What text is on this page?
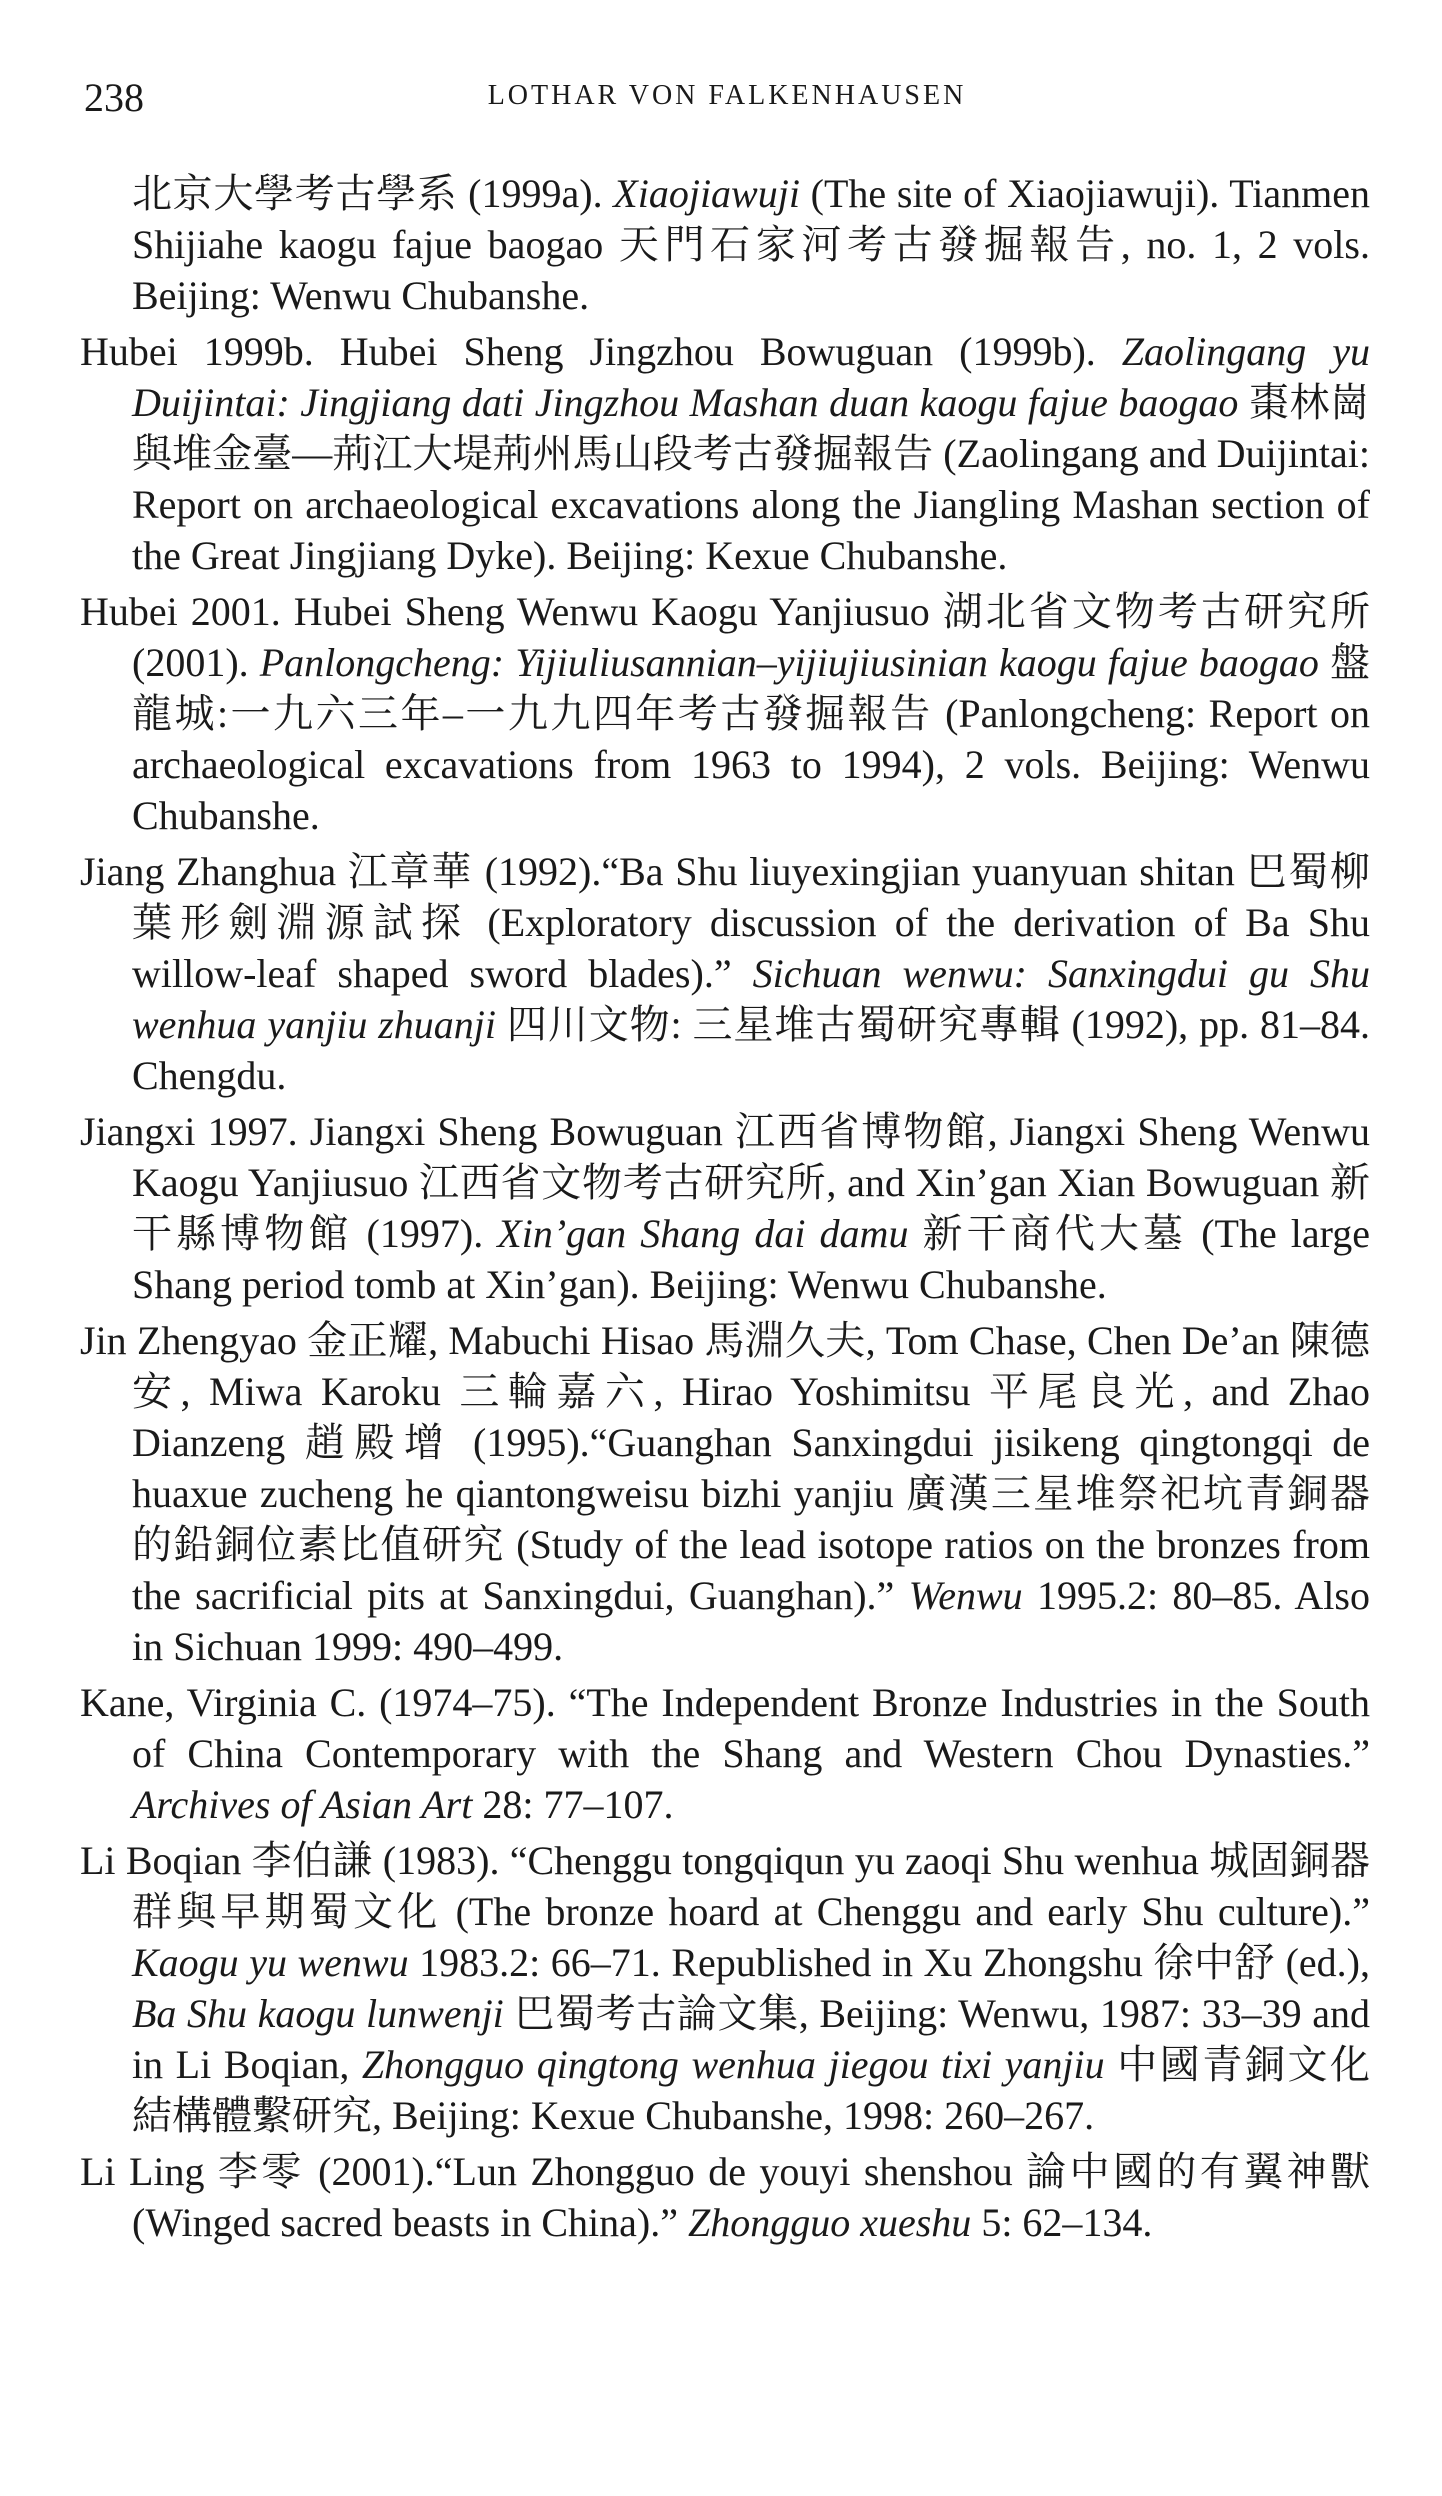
238	LOTHAR VON FALKENHAUSEN

北京大學考古學系 (1999a). Xiaojiawuji (The site of Xiaojiawuji). Tianmen Shijiahe kaogu fajue baogao 天門石家河考古發掘報告, no. 1, 2 vols. Beijing: Wenwu Chubanshe.

Hubei 1999b. Hubei Sheng Jingzhou Bowuguan (1999b). Zaolingang yu Duijintai: Jingjiang dati Jingzhou Mashan duan kaogu fajue baogao 棗林崗與堆金臺—荊江大堤荊州馬山段考古發掘報告 (Zaolingang and Duijintai: Report on archaeological excavations along the Jiangling Mashan section of the Great Jingjiang Dyke). Beijing: Kexue Chubanshe.

Hubei 2001. Hubei Sheng Wenwu Kaogu Yanjiusuo 湖北省文物考古研究所 (2001). Panlongcheng: Yijiuliusannian–yijiujiusinian kaogu fajue baogao 盤龍城:一九六三年–一九九四年考古發掘報告 (Panlongcheng: Report on archaeological excavations from 1963 to 1994), 2 vols. Beijing: Wenwu Chubanshe.

Jiang Zhanghua 江章華 (1992).“Ba Shu liuyexingjian yuanyuan shitan 巴蜀柳葉形劍淵源試探 (Exploratory discussion of the derivation of Ba Shu willow-leaf shaped sword blades).” Sichuan wenwu: Sanxingdui gu Shu wenhua yanjiu zhuanji 四川文物: 三星堆古蜀研究專輯 (1992), pp. 81–84. Chengdu.

Jiangxi 1997. Jiangxi Sheng Bowuguan 江西省博物館, Jiangxi Sheng Wenwu Kaogu Yanjiusuo 江西省文物考古研究所, and Xin’gan Xian Bowuguan 新干縣博物館 (1997). Xin’gan Shang dai damu 新干商代大墓 (The large Shang period tomb at Xin’gan). Beijing: Wenwu Chubanshe.

Jin Zhengyao 金正耀, Mabuchi Hisao 馬淵久夫, Tom Chase, Chen De’an 陳德安, Miwa Karoku 三輪嘉六, Hirao Yoshimitsu 平尾良光, and Zhao Dianzeng 趙殿增 (1995).“Guanghan Sanxingdui jisikeng qingtongqi de huaxue zucheng he qiantongweisu bizhi yanjiu 廣漢三星堆祭祀坑青銅器的鉛銅位素比值研究 (Study of the lead isotope ratios on the bronzes from the sacrificial pits at Sanxingdui, Guanghan).” Wenwu 1995.2: 80–85. Also in Sichuan 1999: 490–499.

Kane, Virginia C. (1974–75). “The Independent Bronze Industries in the South of China Contemporary with the Shang and Western Chou Dynasties.” Archives of Asian Art 28: 77–107.

Li Boqian 李伯謙 (1983). “Chenggu tongqiqun yu zaoqi Shu wenhua 城固銅器群與早期蜀文化 (The bronze hoard at Chenggu and early Shu culture).” Kaogu yu wenwu 1983.2: 66–71. Republished in Xu Zhongshu 徐中舒 (ed.), Ba Shu kaogu lunwenji 巴蜀考古論文集, Beijing: Wenwu, 1987: 33–39 and in Li Boqian, Zhongguo qingtong wenhua jiegou tixi yanjiu 中國青銅文化結構體繫研究, Beijing: Kexue Chubanshe, 1998: 260–267.

Li Ling 李零 (2001).“Lun Zhongguo de youyi shenshou 論中國的有翼神獸 (Winged sacred beasts in China).” Zhongguo xueshu 5: 62–134.
